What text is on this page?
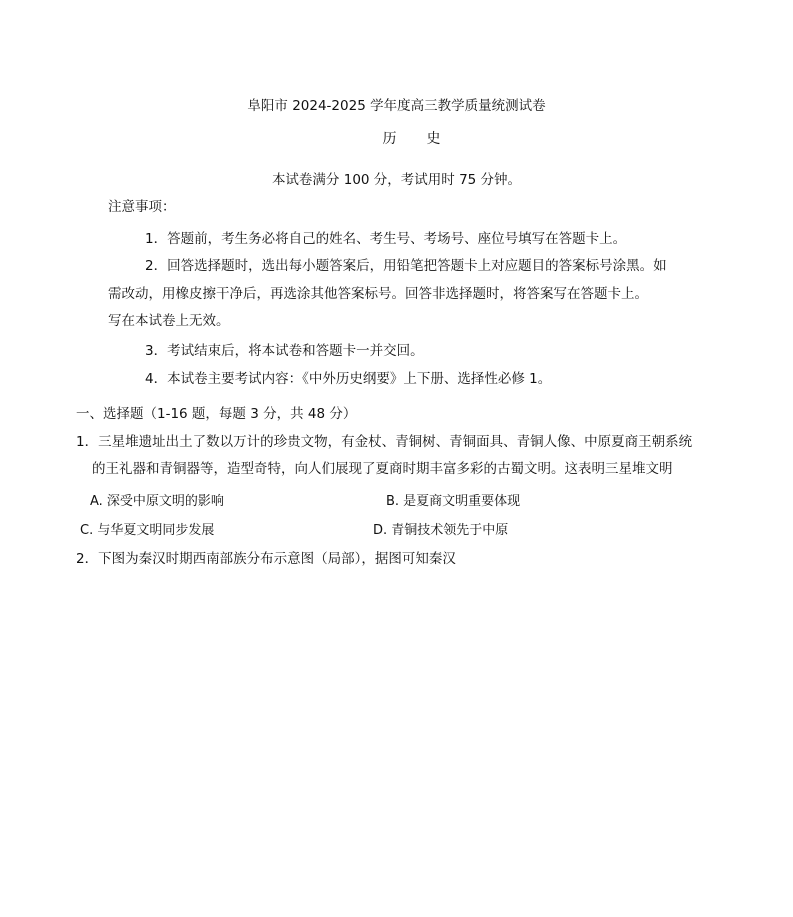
阜阳市 2024-2025 学年度高三教学质量统测试卷
历史
本试卷满分 100 分，考试用时 75 分钟。
注意事项：
1．答题前，考生务必将自己的姓名、考生号、考场号、座位号填写在答题卡上。
2．回答选择题时，选出每小题答案后，用铅笔把答题卡上对应题目的答案标号涂黑。如
需改动，用橡皮擦干净后，再选涂其他答案标号。回答非选择题时，将答案写在答题卡上。
写在本试卷上无效。
3．考试结束后，将本试卷和答题卡一并交回。
4．本试卷主要考试内容：《中外历史纲要》上下册、选择性必修 1。
一、选择题（1-16 题，每题 3 分，共 48 分）
1．三星堆遗址出土了数以万计的珍贵文物，有金杖、青铜树、青铜面具、青铜人像、中原夏商王朝系统
的王礼器和青铜器等，造型奇特，向人们展现了夏商时期丰富多彩的古蜀文明。这表明三星堆文明
A. 深受中原文明的影响	B. 是夏商文明重要体现
C. 与华夏文明同步发展	D. 青铜技术领先于中原
2．下图为秦汉时期西南部族分布示意图（局部），据图可知秦汉
